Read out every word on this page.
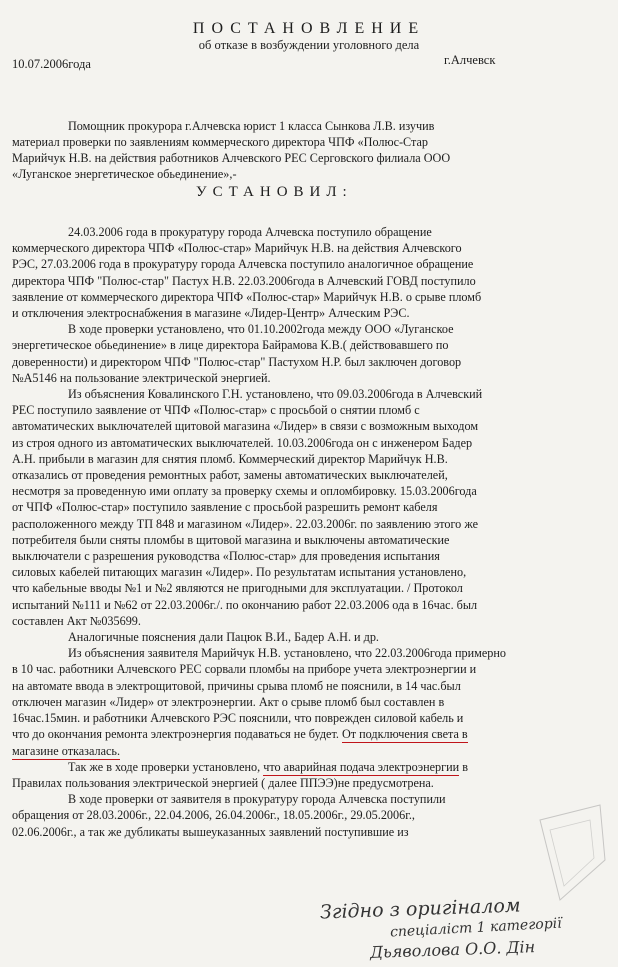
ПОСТАНОВЛЕНИЕ
об отказе в возбуждении уголовного дела
10.07.2006года	г.Алчевск
Помощник прокурора г.Алчевска юрист 1 класса Сынкова Л.В. изучив
материал проверки по заявлениям коммерческого директора ЧПФ «Полюс-Стар
Марийчук Н.В. на действия работников Алчевского РЕС Серговского филиала ООО
«Луганское энергетическое обьединение»,-
УСТАНОВИЛ:
24.03.2006 года в прокуратуру города Алчевска поступило обращение
коммерческого директора ЧПФ «Полюс-стар» Марийчук Н.В. на действия Алчевского
РЭС, 27.03.2006 года в прокуратуру города Алчевска поступило аналогичное обращение
директора ЧПФ "Полюс-стар" Пастух Н.В. 22.03.2006года в Алчевский ГОВД поступило
заявление от коммерческого директора ЧПФ «Полюс-стар» Марийчук Н.В. о срыве пломб
и отключения электроснабжения в магазине «Лидер-Центр» Алческим РЭС.
В ходе проверки установлено, что 01.10.2002года между ООО «Луганское
энергетическое обьединение» в лице директора Байрамова К.В.( действовавшего по
доверенности) и директором ЧПФ "Полюс-стар" Пастухом Н.Р. был заключен договор
№А5146 на пользование электрической энергией.
Из объяснения Ковалинского Г.Н. установлено, что 09.03.2006года в Алчевский
РЕС поступило заявление от ЧПФ «Полюс-стар» с просьбой о снятии пломб с
автоматических выключателей щитовой магазина «Лидер» в связи с возможным выходом
из строя одного из автоматических выключателей. 10.03.2006года он с инженером Бадер
А.Н. прибыли в магазин для снятия пломб. Коммерческий директор Марийчук Н.В.
отказались от проведения ремонтных работ, замены автоматических выключателей,
несмотря за проведенную ими оплату за проверку схемы и опломбировку. 15.03.2006года
от ЧПФ «Полюс-стар» поступило заявление с просьбой разрешить ремонт кабеля
расположенного между ТП 848 и магазином «Лидер». 22.03.2006г. по заявлению этого же
потребителя были сняты пломбы в щитовой магазина и выключены автоматические
выключатели с разрешения руководства «Полюс-стар» для проведения испытания
силовых кабелей питающих магазин «Лидер». По результатам испытания установлено,
что кабельные вводы №1 и №2 являются не пригодными для эксплуатации. / Протокол
испытаний №111 и №62 от 22.03.2006г./. по окончанию работ 22.03.2006 ода в 16час. был
составлен Акт №035699.
Аналогичные пояснения дали Пацюк В.И., Бадер А.Н. и др.
Из объяснения заявителя Марийчук Н.В. установлено, что 22.03.2006года примерно
в 10 час. работники Алчевского РЕС сорвали пломбы на приборе учета электроэнергии и
на автомате ввода в электрощитовой, причины срыва пломб не пояснили, в 14 час.был
отключен магазин «Лидер» от электроэнергии. Акт о срыве пломб был составлен в
16час.15мин. и работники Алчевского РЭС пояснили, что поврежден силовой кабель и
что до окончания ремонта электроэнергия подаваться не будет. От подключения света в
магазине отказалась.
Так же в ходе проверки установлено, что аварийная подача электроэнергии в
Правилах пользования электрической энергией ( далее ППЭЭ)не предусмотрена.
В ходе проверки от заявителя в прокуратуру города Алчевска поступили
обращения от 28.03.2006г., 22.04.2006, 26.04.2006г., 18.05.2006г., 29.05.2006г.,
02.06.2006г., а так же дубликаты вышеуказанных заявлений поступившие из
Згідно з оригіналом
спеціаліст 1 категорії
Дьяволова О.О. Дін
